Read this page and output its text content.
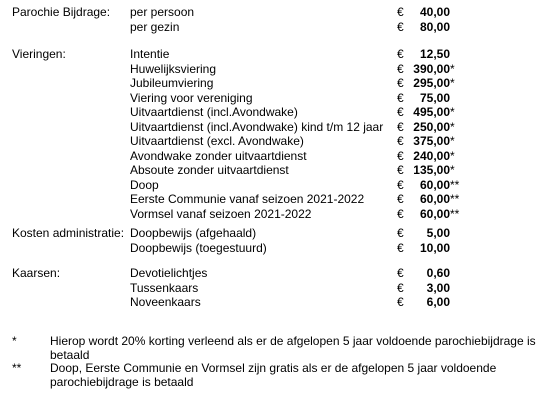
Parochie Bijdrage: per persoon	€ 40,00
per gezin	€ 80,00
Vieringen:	Intentie	€ 12,50
Huwelijksviering	€ 390,00 *
Jubileumviering	€ 295,00 *
Viering voor vereniging	€ 75,00
Uitvaartdienst (incl.Avondwake)	€ 495,00 *
Uitvaartdienst (incl.Avondwake) kind t/m 12 jaar € 250,00 *
Uitvaartdienst (excl. Avondwake)	€ 375,00 *
Avondwake zonder uitvaartdienst	€ 240,00 *
Absoute zonder uitvaartdienst	€ 135,00 *
Doop	€ 60,00 **
Eerste Communie vanaf seizoen 2021-2022	€ 60,00 **
Vormsel vanaf seizoen 2021-2022	€ 60,00 **
Kosten administratie: Doopbewijs (afgehaald)	€ 5,00
Doopbewijs (toegestuurd)	€ 10,00
Kaarsen:	Devotielichtjes	€ 0,60
Tussenkaars	€ 3,00
Noveenkaars	€ 6,00
*	Hierop wordt 20% korting verleend als er de afgelopen 5 jaar voldoende parochiebijdrage is betaald
** Doop, Eerste Communie en Vormsel zijn gratis als er de afgelopen 5 jaar voldoende parochiebijdrage is betaald
